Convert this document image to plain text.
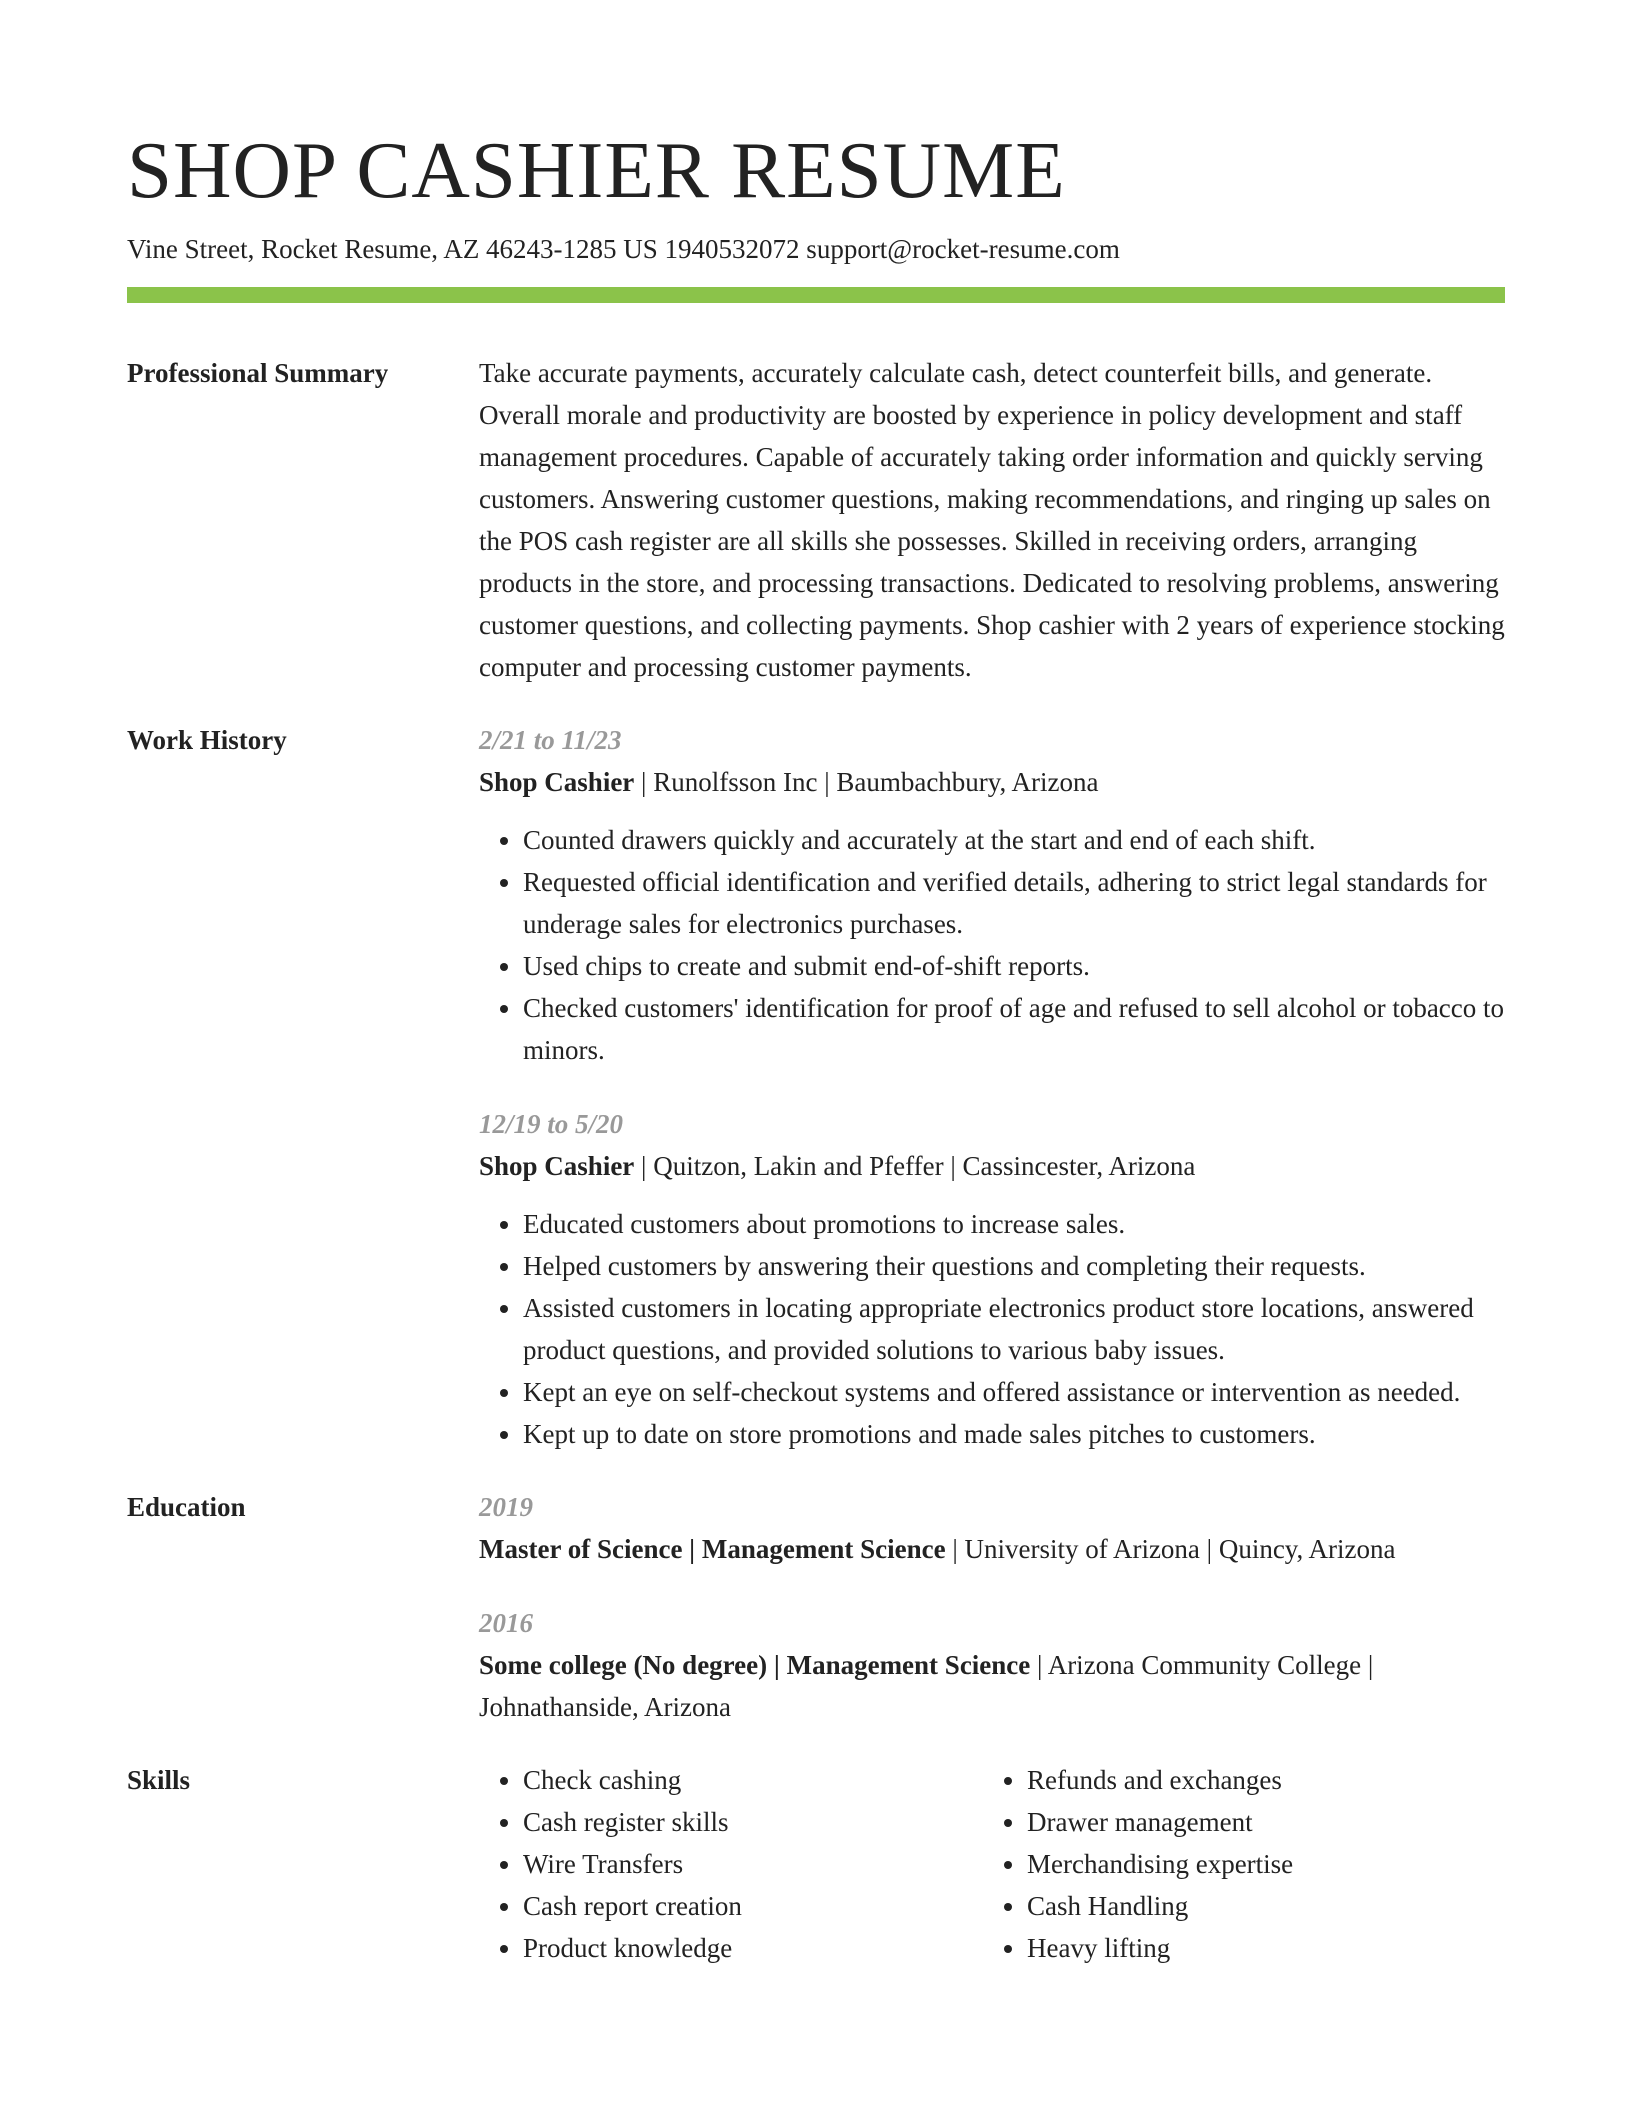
SHOP CASHIER RESUME
Vine Street, Rocket Resume, AZ 46243-1285 US 1940532072 support@rocket-resume.com
Professional Summary	Take accurate payments, accurately calculate cash, detect counterfeit bills, and generate. Overall morale and productivity are boosted by experience in policy development and staff management procedures. Capable of accurately taking order information and quickly serving customers. Answering customer questions, making recommendations, and ringing up sales on the POS cash register are all skills she possesses. Skilled in receiving orders, arranging products in the store, and processing transactions. Dedicated to resolving problems, answering customer questions, and collecting payments. Shop cashier with 2 years of experience stocking computer and processing customer payments.

Work History	2/21 to 11/23
Shop Cashier | Runolfsson Inc | Baumbachbury, Arizona
• Counted drawers quickly and accurately at the start and end of each shift.
• Requested official identification and verified details, adhering to strict legal standards for underage sales for electronics purchases.
• Used chips to create and submit end-of-shift reports.
• Checked customers' identification for proof of age and refused to sell alcohol or tobacco to minors.
12/19 to 5/20
Shop Cashier | Quitzon, Lakin and Pfeffer | Cassincester, Arizona
• Educated customers about promotions to increase sales.
• Helped customers by answering their questions and completing their requests.
• Assisted customers in locating appropriate electronics product store locations, answered product questions, and provided solutions to various baby issues.
• Kept an eye on self-checkout systems and offered assistance or intervention as needed.
• Kept up to date on store promotions and made sales pitches to customers.
Education	2019
Master of Science | Management Science | University of Arizona | Quincy, Arizona
2016
Some college (No degree) | Management Science | Arizona Community College | Johnathanside, Arizona
Skills
•	Check cashing
• Cash register skills
• Wire Transfers
• Cash report creation
• Product knowledge
• Refunds and exchanges
• Drawer management
• Merchandising expertise
• Cash Handling
• Heavy lifting
